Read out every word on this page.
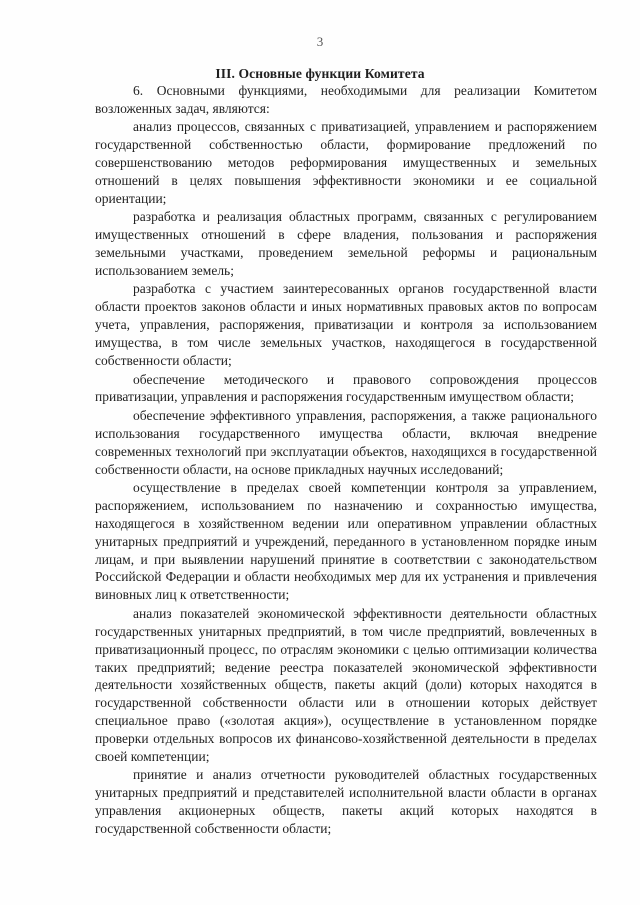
3
III. Основные функции Комитета

6. Основными функциями, необходимыми для реализации Комитетом возложенных задач, являются:

анализ процессов, связанных с приватизацией, управлением и распоряжением государственной собственностью области, формирование предложений по совершенствованию методов реформирования имущественных и земельных отношений в целях повышения эффективности экономики и ее социальной ориентации;

разработка и реализация областных программ, связанных с регулированием имущественных отношений в сфере владения, пользования и распоряжения земельными участками, проведением земельной реформы и рациональным использованием земель;

разработка с участием заинтересованных органов государственной власти области проектов законов области и иных нормативных правовых актов по вопросам учета, управления, распоряжения, приватизации и контроля за использованием имущества, в том числе земельных участков, находящегося в государственной собственности области;

обеспечение методического и правового сопровождения процессов приватизации, управления и распоряжения государственным имуществом области;

обеспечение эффективного управления, распоряжения, а также рационального использования государственного имущества области, включая внедрение современных технологий при эксплуатации объектов, находящихся в государственной собственности области, на основе прикладных научных исследований;

осуществление в пределах своей компетенции контроля за управлением, распоряжением, использованием по назначению и сохранностью имущества, находящегося в хозяйственном ведении или оперативном управлении областных унитарных предприятий и учреждений, переданного в установленном порядке иным лицам, и при выявлении нарушений принятие в соответствии с законодательством Российской Федерации и области необходимых мер для их устранения и привлечения виновных лиц к ответственности;

анализ показателей экономической эффективности деятельности областных государственных унитарных предприятий, в том числе предприятий, вовлеченных в приватизационный процесс, по отраслям экономики с целью оптимизации количества таких предприятий; ведение реестра показателей экономической эффективности деятельности хозяйственных обществ, пакеты акций (доли) которых находятся в государственной собственности области или в отношении которых действует специальное право («золотая акция»), осуществление в установленном порядке проверки отдельных вопросов их финансово-хозяйственной деятельности в пределах своей компетенции;

принятие и анализ отчетности руководителей областных государственных унитарных предприятий и представителей исполнительной власти области в органах управления акционерных обществ, пакеты акций которых находятся в государственной собственности области;
